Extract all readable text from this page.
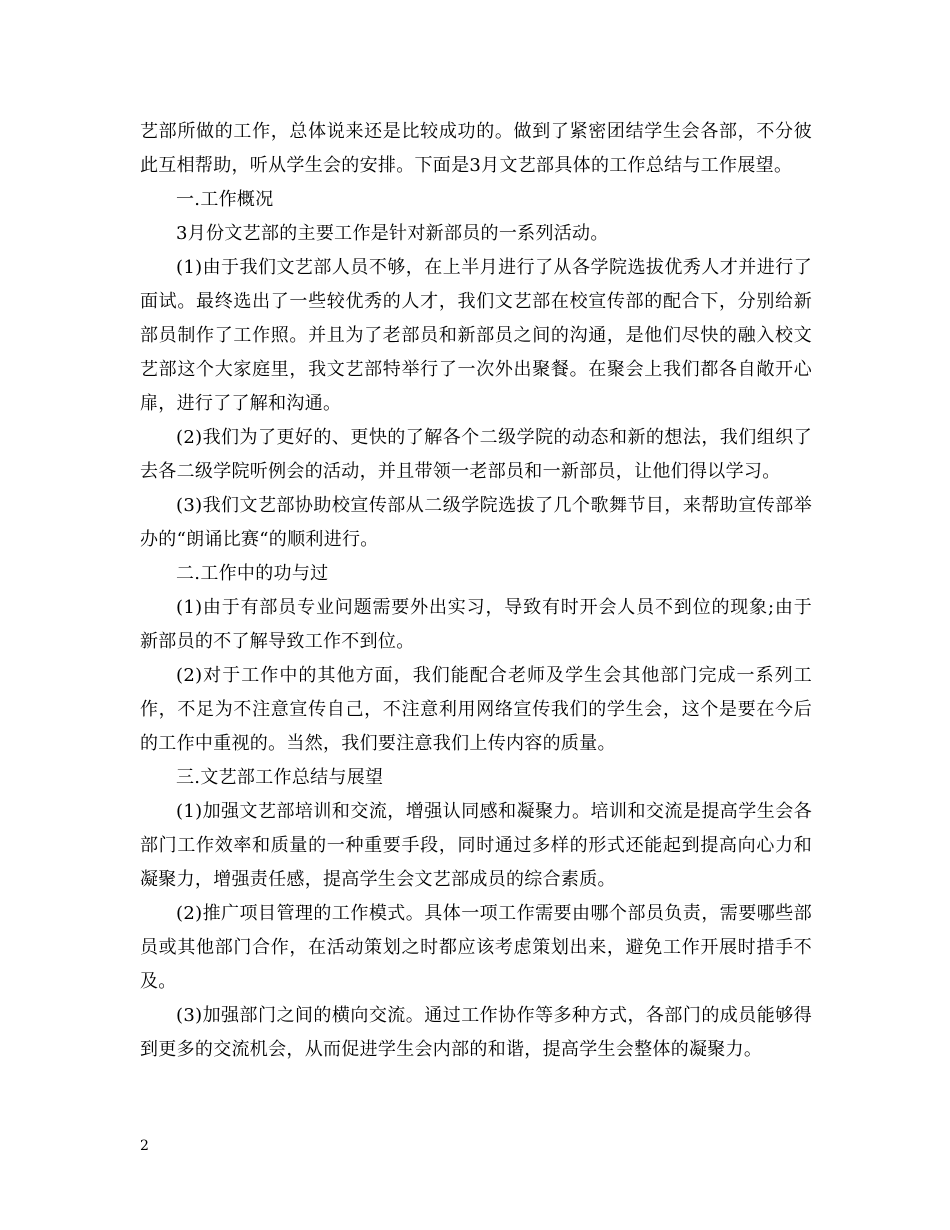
艺部所做的工作，总体说来还是比较成功的。做到了紧密团结学生会各部，不分彼此互相帮助，听从学生会的安排。下面是3月文艺部具体的工作总结与工作展望。

一.工作概况

3月份文艺部的主要工作是针对新部员的一系列活动。

(1)由于我们文艺部人员不够，在上半月进行了从各学院选拔优秀人才并进行了面试。最终选出了一些较优秀的人才，我们文艺部在校宣传部的配合下，分别给新部员制作了工作照。并且为了老部员和新部员之间的沟通，是他们尽快的融入校文艺部这个大家庭里，我文艺部特举行了一次外出聚餐。在聚会上我们都各自敞开心扉，进行了了解和沟通。

(2)我们为了更好的、更快的了解各个二级学院的动态和新的想法，我们组织了去各二级学院听例会的活动，并且带领一老部员和一新部员，让他们得以学习。

(3)我们文艺部协助校宣传部从二级学院选拔了几个歌舞节目，来帮助宣传部举办的“朗诵比赛“的顺利进行。

二.工作中的功与过

(1)由于有部员专业问题需要外出实习，导致有时开会人员不到位的现象;由于新部员的不了解导致工作不到位。

(2)对于工作中的其他方面，我们能配合老师及学生会其他部门完成一系列工作，不足为不注意宣传自己，不注意利用网络宣传我们的学生会，这个是要在今后的工作中重视的。当然，我们要注意我们上传内容的质量。

三.文艺部工作总结与展望

(1)加强文艺部培训和交流，增强认同感和凝聚力。培训和交流是提高学生会各部门工作效率和质量的一种重要手段，同时通过多样的形式还能起到提高向心力和凝聚力，增强责任感，提高学生会文艺部成员的综合素质。

(2)推广项目管理的工作模式。具体一项工作需要由哪个部员负责，需要哪些部员或其他部门合作，在活动策划之时都应该考虑策划出来，避免工作开展时措手不及。

(3)加强部门之间的横向交流。通过工作协作等多种方式，各部门的成员能够得到更多的交流机会，从而促进学生会内部的和谐，提高学生会整体的凝聚力。

2
